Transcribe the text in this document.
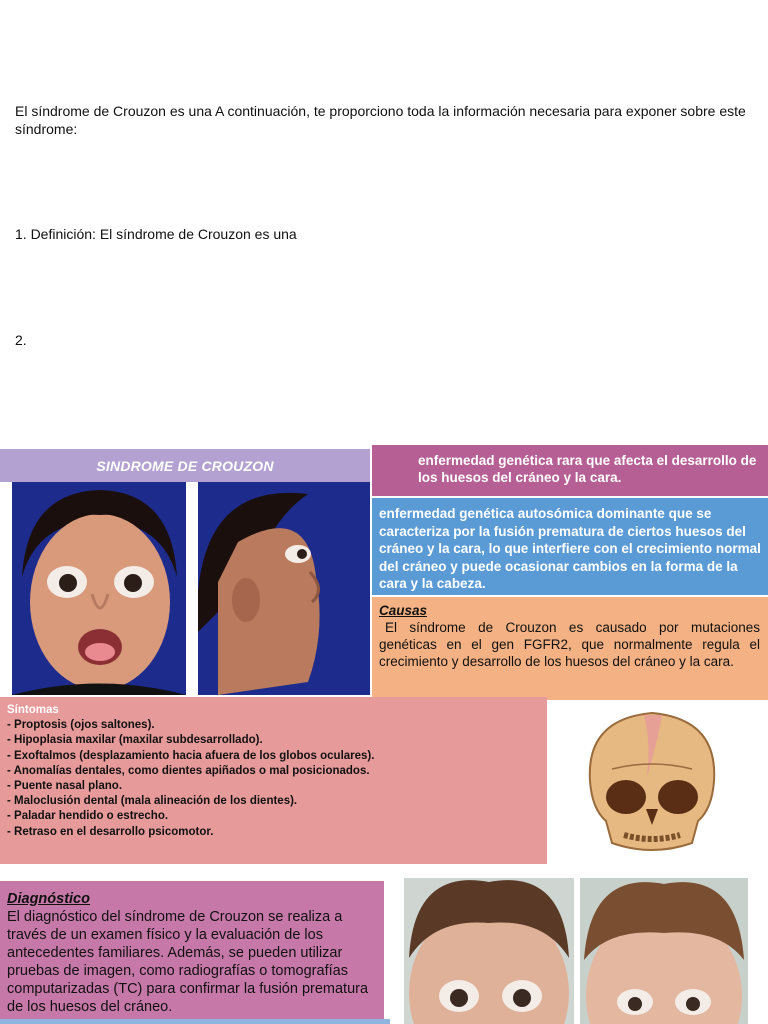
El síndrome de Crouzon es una A continuación, te proporciono toda la información necesaria para exponer sobre este síndrome:

1. Definición: El síndrome de Crouzon es una

2.

SINDROME DE CROUZON	enfermedad genética rara que afecta el desarrollo de los huesos del cráneo y la cara.
enfermedad genética autosómica dominante que se caracteriza por la fusión prematura de ciertos huesos del cráneo y la cara, lo que interfiere con el crecimiento normal del cráneo y puede ocasionar cambios en la forma de la cara y la cabeza.
Causas
El síndrome de Crouzon es causado por mutaciones genéticas en el gen FGFR2, que normalmente regula el crecimiento y desarrollo de los huesos del cráneo y la cara.
Síntomas
- Proptosis (ojos saltones).
- Hipoplasia maxilar (maxilar subdesarrollado).
- Exoftalmos (desplazamiento hacia afuera de los globos oculares).
- Anomalías dentales, como dientes apiñados o mal posicionados.
- Puente nasal plano.
- Maloclusión dental (mala alineación de los dientes).
- Paladar hendido o estrecho.
- Retraso en el desarrollo psicomotor.
Diagnóstico
El diagnóstico del síndrome de Crouzon se realiza a través de un examen físico y la evaluación de los antecedentes familiares. Además, se pueden utilizar pruebas de imagen, como radiografías o tomografías computarizadas (TC) para confirmar la fusión prematura de los huesos del cráneo.
